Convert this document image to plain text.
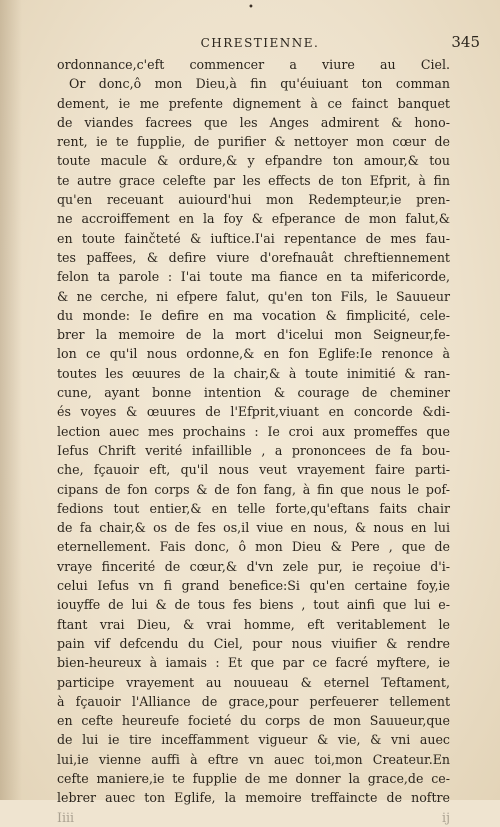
•
CHRESTIENNE.	345
ordonnance,c'eft commencer a viure au Ciel.
Or donc,ô mon Dieu,à fin qu'éuiuant ton comman
dement, ie me prefente dignement à ce fainct banquet
de viandes facrees que les Anges admirent & hono-
rent, ie te fupplie, de purifier & nettoyer mon cœur de
toute macule & ordure,& y efpandre ton amour,& tou
te autre grace celefte par les effects de ton Efprit, à fin
qu'en receuant auiourd'hui mon Redempteur,ie pren-
ne accroiffement en la foy & efperance de mon falut,&
en toute fainčteté & iuftice.I'ai repentance de mes fau-
tes paffees, & defire viure d'orefnauât chreftiennement
felon ta parole : I'ai toute ma fiance en ta mifericorde,
& ne cerche, ni efpere falut, qu'en ton Fils, le Sauueur
du monde: Ie defire en ma vocation & fimplicité, cele-
brer la memoire de la mort d'icelui mon Seigneur,fe-
lon ce qu'il nous ordonne,& en fon Eglife:Ie renonce à
toutes les œuures de la chair,& à toute inimitié & ran-
cune, ayant bonne intention & courage de cheminer
és voyes & œuures de l'Efprit,viuant en concorde &di-
lection auec mes prochains : Ie croi aux promeffes que
Iefus Chrift verité infaillible , a prononcees de fa bou-
che, fçauoir eft, qu'il nous veut vrayement faire parti-
cipans de fon corps & de fon fang, à fin que nous le pof-
fedions tout entier,& en telle forte,qu'eftans faits chair
de fa chair,& os de fes os,il viue en nous, & nous en lui
eternellement. Fais donc, ô mon Dieu & Pere , que de
vraye fincerité de cœur,& d'vn zele pur, ie reçoiue d'i-
celui Iefus vn fi grand benefice:Si qu'en certaine foy,ie
iouyffe de lui & de tous fes biens , tout ainfi que lui e-
ftant vrai Dieu, & vrai homme, eft veritablement le
pain vif defcendu du Ciel, pour nous viuifier & rendre
bien-heureux à iamais : Et que par ce facré myftere, ie
participe vrayement au nouueau & eternel Teftament,
à fçauoir l'Alliance de grace,pour perfeuerer tellement
en cefte heureufe focieté du corps de mon Sauueur,que
de lui ie tire inceffamment vigueur & vie, & vni auec
lui,ie vienne auffi à eftre vn auec toi,mon Createur.En
cefte maniere,ie te fupplie de me donner la grace,de ce-
lebrer auec ton Eglife, la memoire treffaincte de noftre
Iiii ij
